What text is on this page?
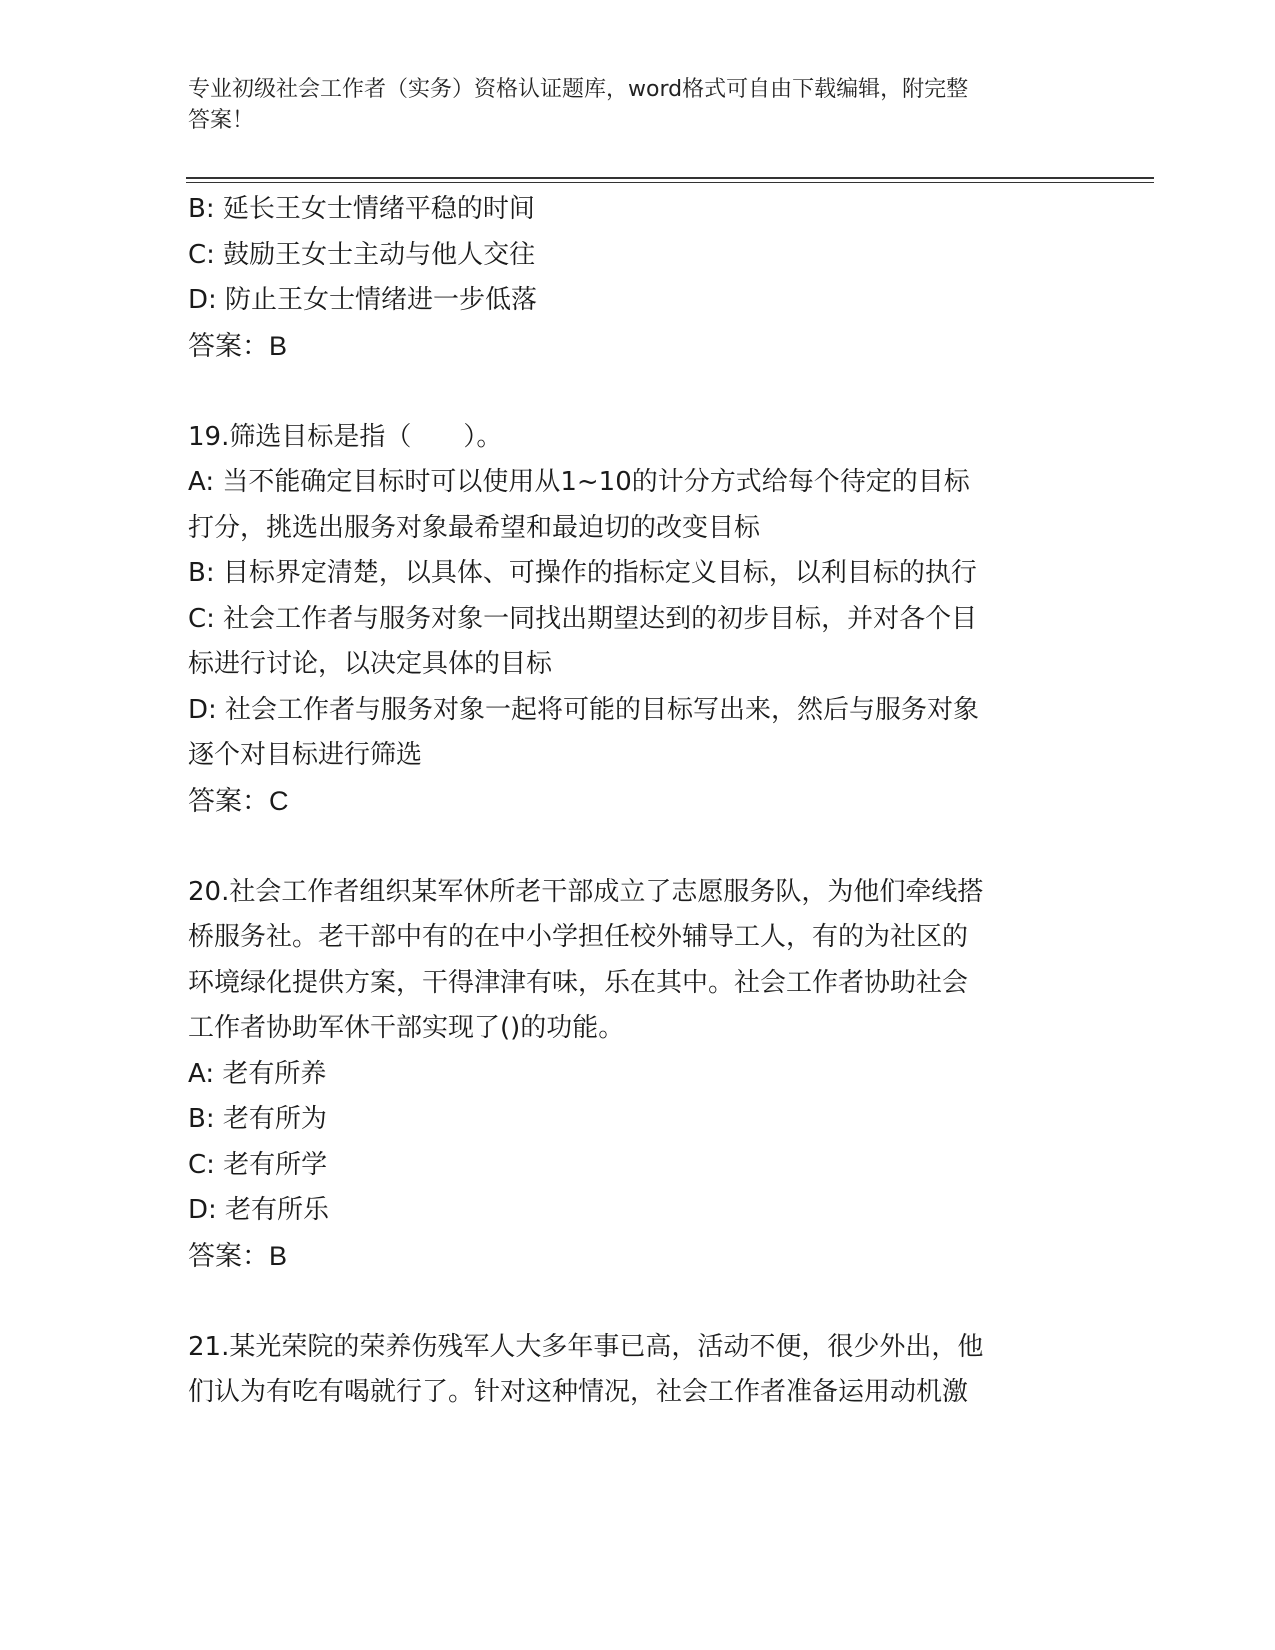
专业初级社会工作者（实务）资格认证题库，word格式可自由下载编辑，附完整
答案！
B: 延长王女士情绪平稳的时间
C: 鼓励王女士主动与他人交往
D: 防止王女士情绪进一步低落
答案：B
19.筛选目标是指（　　）。
A: 当不能确定目标时可以使用从1~10的计分方式给每个待定的目标
打分，挑选出服务对象最希望和最迫切的改变目标
B: 目标界定清楚，以具体、可操作的指标定义目标，以利目标的执行
C: 社会工作者与服务对象一同找出期望达到的初步目标，并对各个目
标进行讨论，以决定具体的目标
D: 社会工作者与服务对象一起将可能的目标写出来，然后与服务对象
逐个对目标进行筛选
答案：C
20.社会工作者组织某军休所老干部成立了志愿服务队，为他们牵线搭
桥服务社。老干部中有的在中小学担任校外辅导工人，有的为社区的
环境绿化提供方案，干得津津有味，乐在其中。社会工作者协助社会
工作者协助军休干部实现了()的功能。
A: 老有所养
B: 老有所为
C: 老有所学
D: 老有所乐
答案：B
21.某光荣院的荣养伤残军人大多年事已高，活动不便，很少外出，他
们认为有吃有喝就行了。针对这种情况，社会工作者准备运用动机激
